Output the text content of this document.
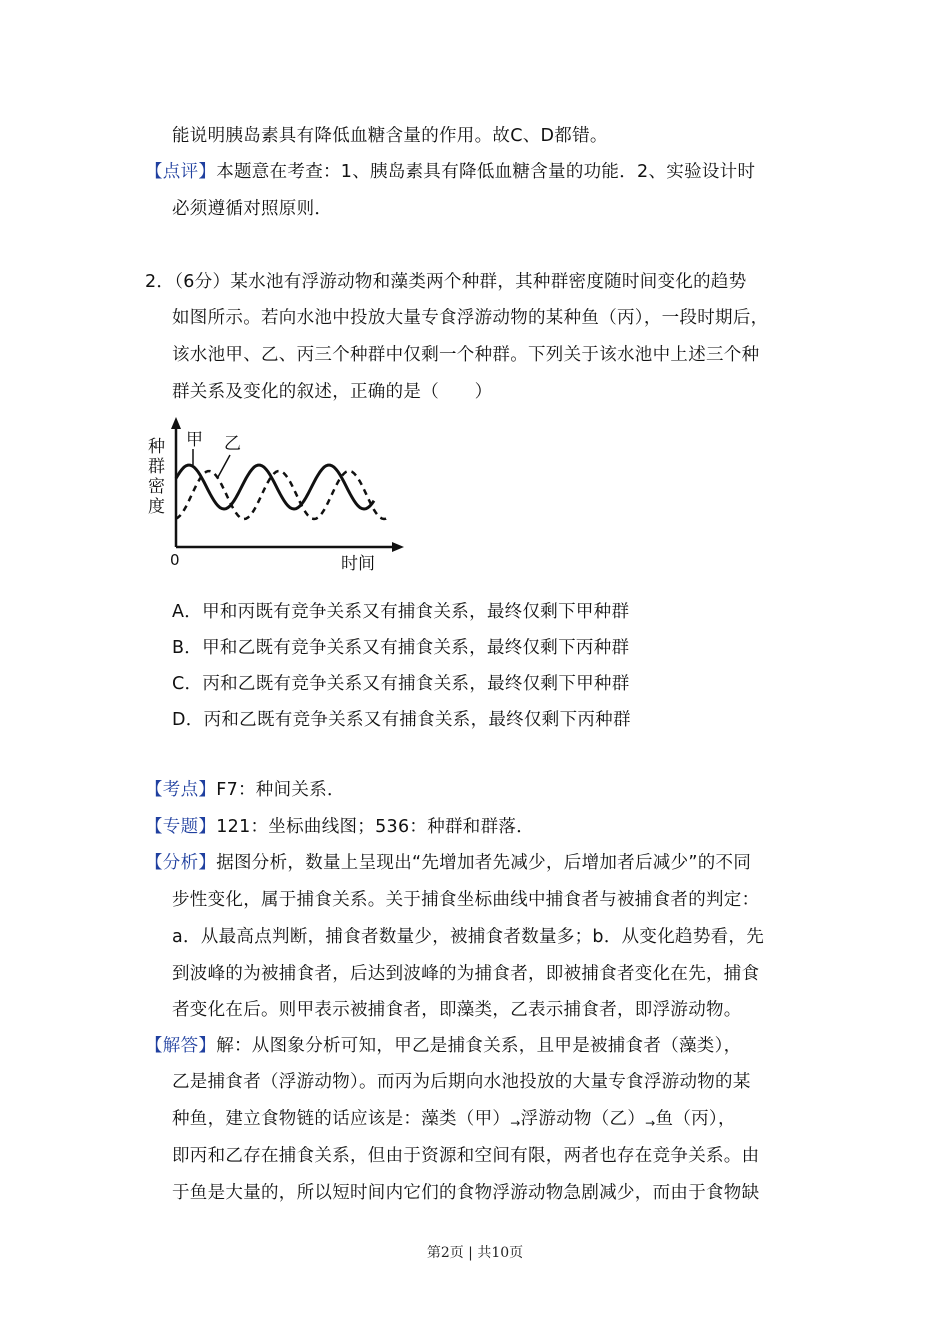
能说明胰岛素具有降低血糖含量的作用。故C、D都错。
【点评】本题意在考查：1、胰岛素具有降低血糖含量的功能．2、实验设计时
必须遵循对照原则．
2．（6分）某水池有浮游动物和藻类两个种群，其种群密度随时间变化的趋势
如图所示。若向水池中投放大量专食浮游动物的某种鱼（丙），一段时期后，
该水池甲、乙、丙三个种群中仅剩一个种群。下列关于该水池中上述三个种
群关系及变化的叙述，正确的是（　　）
种
群
密
度
0	时间
甲 乙
A．甲和丙既有竞争关系又有捕食关系，最终仅剩下甲种群
B．甲和乙既有竞争关系又有捕食关系，最终仅剩下丙种群
C．丙和乙既有竞争关系又有捕食关系，最终仅剩下甲种群
D．丙和乙既有竞争关系又有捕食关系，最终仅剩下丙种群
【考点】F7：种间关系．
【专题】121：坐标曲线图；536：种群和群落．
【分析】据图分析，数量上呈现出“先增加者先减少，后增加者后减少”的不同
步性变化，属于捕食关系。关于捕食坐标曲线中捕食者与被捕食者的判定：
a．从最高点判断，捕食者数量少，被捕食者数量多；b．从变化趋势看，先
到波峰的为被捕食者，后达到波峰的为捕食者，即被捕食者变化在先，捕食
者变化在后。则甲表示被捕食者，即藻类，乙表示捕食者，即浮游动物。
【解答】解：从图象分析可知，甲乙是捕食关系，且甲是被捕食者（藻类），
乙是捕食者（浮游动物）。而丙为后期向水池投放的大量专食浮游动物的某
种鱼，建立食物链的话应该是：藻类（甲）→浮游动物（乙）→鱼（丙），
即丙和乙存在捕食关系，但由于资源和空间有限，两者也存在竞争关系。由
于鱼是大量的，所以短时间内它们的食物浮游动物急剧减少，而由于食物缺
第2页 | 共10页
